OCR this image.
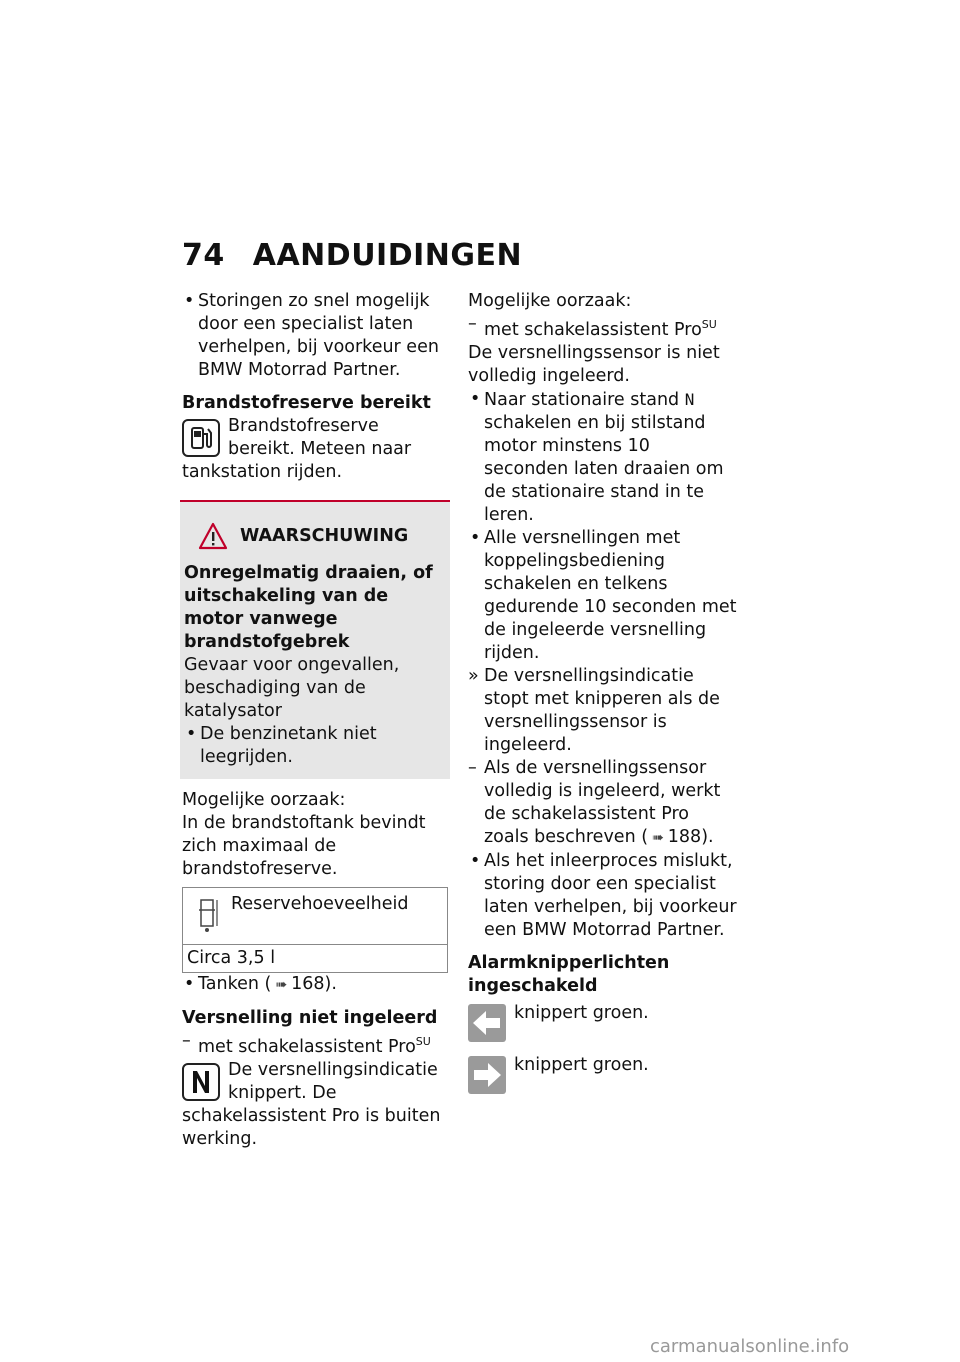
74 AANDUIDINGEN

• Storingen zo snel mogelijk door een specialist laten verhelpen, bij voorkeur een BMW Motorrad Partner.

Brandstofreserve bereikt

Brandstofreserve bereikt. Meteen naar tankstation rijden.

WAARSCHUWING

Onregelmatig draaien, of uitschakeling van de motor vanwege brandstofgebrek

Gevaar voor ongevallen, beschadiging van de katalysator

• De benzinetank niet leegrijden.

Mogelijke oorzaak:

In de brandstoftank bevindt zich maximaal de brandstofreserve.

Reservehoeveelheid
Circa 3,5 l

• Tanken ( ➠ 168).

Versnelling niet ingeleerd

– met schakelassistent Pro$^{SU}$

De versnellingsindicatie knippert. De schakelassistent Pro is buiten werking.

Mogelijke oorzaak:

– met schakelassistent Pro$^{SU}$

De versnellingssensor is niet volledig ingeleerd.

• Naar stationaire stand N schakelen en bij stilstand motor minstens 10 seconden laten draaien om de stationaire stand in te leren.

• Alle versnellingen met koppelingsbediening schakelen en telkens gedurende 10 seconden met de ingeleerde versnelling rijden.

» De versnellingsindicatie stopt met knipperen als de versnellingssensor is ingeleerd.

– Als de versnellingssensor volledig is ingeleerd, werkt de schakelassistent Pro zoals beschreven ( ➠ 188).

• Als het inleerproces mislukt, storing door een specialist laten verhelpen, bij voorkeur een BMW Motorrad Partner.

Alarmknipperlichten ingeschakeld

knippert groen.

knippert groen.

carmanualsonline.info
